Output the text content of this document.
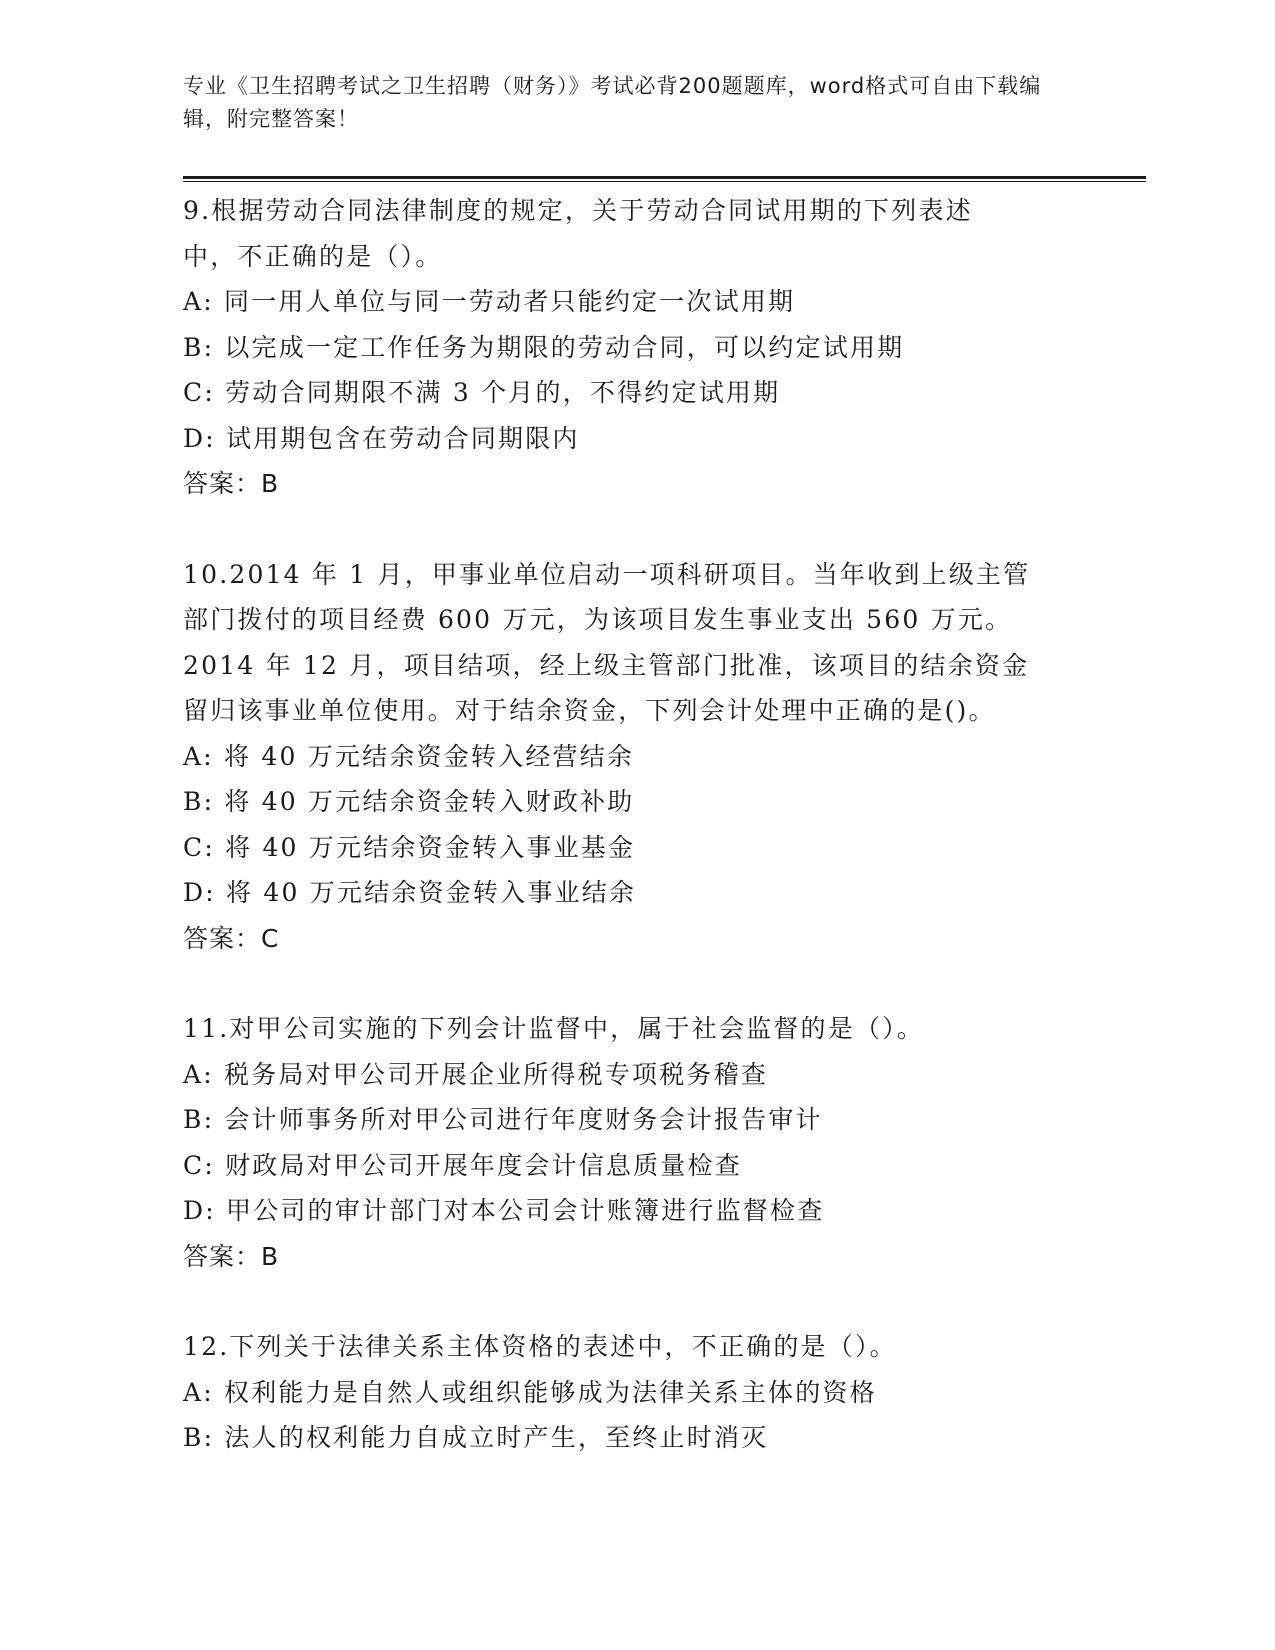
专业《卫生招聘考试之卫生招聘（财务）》考试必背200题题库，word格式可自由下载编辑，附完整答案！
9.根据劳动合同法律制度的规定，关于劳动合同试用期的下列表述中，不正确的是（）。
A: 同一用人单位与同一劳动者只能约定一次试用期
B: 以完成一定工作任务为期限的劳动合同，可以约定试用期
C: 劳动合同期限不满 3 个月的，不得约定试用期
D: 试用期包含在劳动合同期限内
答案：B
10.2014 年 1 月，甲事业单位启动一项科研项目。当年收到上级主管部门拨付的项目经费 600 万元，为该项目发生事业支出 560 万元。2014 年 12 月，项目结项，经上级主管部门批准，该项目的结余资金留归该事业单位使用。对于结余资金，下列会计处理中正确的是()。
A: 将 40 万元结余资金转入经营结余
B: 将 40 万元结余资金转入财政补助
C: 将 40 万元结余资金转入事业基金
D: 将 40 万元结余资金转入事业结余
答案：C
11.对甲公司实施的下列会计监督中，属于社会监督的是（）。
A: 税务局对甲公司开展企业所得税专项税务稽查
B: 会计师事务所对甲公司进行年度财务会计报告审计
C: 财政局对甲公司开展年度会计信息质量检查
D: 甲公司的审计部门对本公司会计账簿进行监督检查
答案：B
12.下列关于法律关系主体资格的表述中，不正确的是（）。
A: 权利能力是自然人或组织能够成为法律关系主体的资格
B: 法人的权利能力自成立时产生，至终止时消灭
